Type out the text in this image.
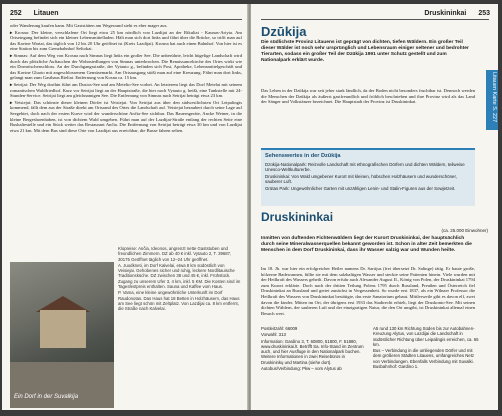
252 Litauen

oder Wanderung kaufen kann. Mit Gaststätten am Wegesrand sieht es eher mager aus.

▸ Krosna: Der kleine, verschlafene Ort liegt etwa 25 km nördlich von Lazdijai an der Rikuliai - Kaunas-Ariyta. Am Ortseingang befindet sich ein kleiner Lebensmittelladen. Hält man sich dort links und fährt über die Brücke, so trifft man auf das Kavine Wartai, das täglich von 12 bis 20 Uhr geöffnet ist (Kreis Lazdijai). Krosna hat auch einen Bahnhof. Von hier ist es eine Station bis zum Grenzbahnhof Šeštokai.

▸ Simnas: Auf dem Weg von Krosna nach Simnas liegt links ein großer See. Die unberührte, leicht hügelige Landschaft wird durch das plötzliche Auftauchen der Wohnsiedlungen von Simnas unterbrochen. Die Renaissancekirche des Ortes wirkt wie ein Dornröschenschloss. An der Durchgangsstraße, der Vytauto g., befinden sich Post, Apotheke, Lebensmittelgeschäft und das Kavine Gluoto mit angeschlossenem Gemüsemarkt. Am Ortsausgang stößt man auf eine Kreuzung. Fährt man dort links, gelangt man zum Gasthaus Rieliai. Entfernung von Kosna ca. 15 km.

▸ Seirijai: Der Weg dorthin führt am Dusios-See und am Metelio-See vorbei. An letzterem liegt das Dorf Metelai mit seinem romantischen Waldfriedhof. Kurz vor Seirijai liegt an der Hauptstraße, die hier noch Vytauto g. heißt, eine Tankstelle mit 24-Stunden-Service. Seirijai liegt am gleichnamigen See. Die Entfernung von Simnas nach Seirijai beträgt etwa 23 km.

▸ Veisiejai: Das schönste dieser kleinen Dörfer ist Veisiejai. Von Seirijai aus über den südwestlichsten Ort Leipalingis kommend, fällt dem aus der Straße direkt am Ortsrand des Ortes die Landschaft auf. Veisiejai bezaubert durch seine Lage auf Seegebiet, doch nach der ersten Kurve wird der wunderschöne Ančia-See sichtbar. Das Bauerngeräte, Ancke Weiner, in die kleine Bergeshoenhaben, ist von dichtem Wald umgeben. Führt man auf der Lazdijai-Straße entlang der rechten Seite eine Bushaltestelle und ein Stück weiter das Restaurant Ančia. Die Entfernung von Seirijai beträgt etwa 30 km und von Lazdijai etwa 21 km. Mit dem Bus sind diese Orte von Lazdijai aus erreichbar, die Busse fahren selten.

Ein Dorf in der Suvalkija

Klopreise: Ančia, Ideonos, angrenzt nette Gaststuben und freundlichen Zimmern. DZ ab 40 € inkl. Vytauto 2, T. 39687, 30175 Geöffnet täglich von 12–24 Uhr geöffnet.

A. Juodkneti, im Dorf Kalvelai, etwa 8 km südöstlich von Veisiejai. Gehobenes sicher und ruhig, leckere Nordlitauische Traditionsküche. DZ zwischen 38 und 45 €, inkl. Frühstück. Zugang zu unserem Ufer 3, 4 km, inkl. 5 KM. Die Kosten sind im Tagesfestpreis enthalten. Sauna und Kaffee vom Haus.

P. Vama, eine kleine ungewöhnliche Unterkunft im Dorf Raudonotas. Das Haus hat 18 Betten in Holzhäusern, das Haus am See liegt schön mit Zeltplatz. Von Lazdijai ca. 8 km entfernt, die Straße nach Kalvelai.

Druskininkai 253
Litauen Karte S. 227
Dzūkija
Die südlichste Provinz Litauens ist geprägt von dichten, tiefen Wäldern. Ein großer Teil dieser Wälder ist noch sehr ursprünglich und Lebensraum einiger seltener und bedrohter Tierarten, sodass ein großer Teil der Dzūkija 1991 unter Schutz gestellt und zum Nationalpark erklärt wurde.

Das Leben in der Dzūkija war seit jeher stark ländlich, da der Boden nicht besonders fruchtbar ist. Dennoch werden die Menschen der Dzūkija als äußerst gastfreundlich und fröhlich beschrieben und ihre Provinz wird als das Land der Sänger und Volkstänzer bezeichnet. Die Hauptstadt der Provinz ist Druskininkai.

Sehenswertes in der Dzūkija

Dzūkija-Nationalpark: Reizvolle Landschaft mit ethnografischen Dörfern und dichten Wäldern, teilweise Unesco-Weltkulturerbe.

Druskininkai: Von Wald umgebener Kurort mit kleinen, hübschen Holzhäusern und wunderschöner, sauberer Luft.

Grūtas Park: Ungewöhnlicher Garten mit unzähligen Lenin- und Stalin-Figuren aus der Sowjetzeit.

Druskininkai
(ca. 25.000 Einwohner)
Inmitten von duftenden Fichtenwäldern liegt der Kurort Druskininkai, der hauptsächlich durch seine Mineralwasserquellen bekannt geworden ist. Schon in alter Zeit bemerkten die Menschen in dem Dorf Druskininkai, dass ihr Wasser salzig war und Wunden heilte.

Im 18. Jh. war hier ein erfolgreicher Heiler namens Dr. Sartijus (frei übersetzt Dr. Salinge) tätig. Er baute große, hölzerne Badewannen, füllte sie mit dem salzhaltigen Wasser und steckte seine Patienten hinein. Viele wurden mit der Heilkraft des Wassers geheilt. Davon erfuhr auch Alexander August II., König von Polen, der Druskininkai 1794 zum Kurort erklärte. Doch nach der dritten Teilung Polens 1795 durch Russland, Preußen und Österreich fiel Druskininkai an Russland und geriet zunächst in Vergessenheit. So wurde erst 1837, als ein Wilnaer Professor die Heilkraft des Wassers von Druskininkai bestätigte, das erste Sanatorium gebaut. Mittlerweile gibt es davon elf, zwei davon die kinder. Mitten im Ort, der übrigens erst 1933 das Stadtrecht erhielt, liegt der Druskonio-See. Mit seinen dichten Wäldern, der sauberen Luft und der einzigartigen Natur, die den Ort umgibt, ist Druskininkai allemal einen Besuch wert.

Postleitzahl: 66009

Vorwahl: 313

Information: Gardino 3, T. 60800, 51800, F. 51880, www.druskininkai.lt. Betrifft Sa. Info-Stand im Zentrum auch, und hier Ausfluge in den Nationalpark buchen. Weitere Informationen in zwei Reisebüros in Druskininkų und Martina (siehe dort).

Autobus/Verbindung: Pkw – vom Alytus ab

A5 rund 130 km Richtung Süden bis zur Autobahnen-Kreuzung Alytus, von Lazdijai die Landschaft in südöstlicher Richtung über Leipalingis erreichen, ca. 65 km.

Bus – Verbindung in die umliegenden Dörfer und mit dem größeren Städten Litauens, umfangreiches Netz von Verbindungen. Ebenfalls Verbindung mit Suvalki. Busbahnhof: Gardino 1.
